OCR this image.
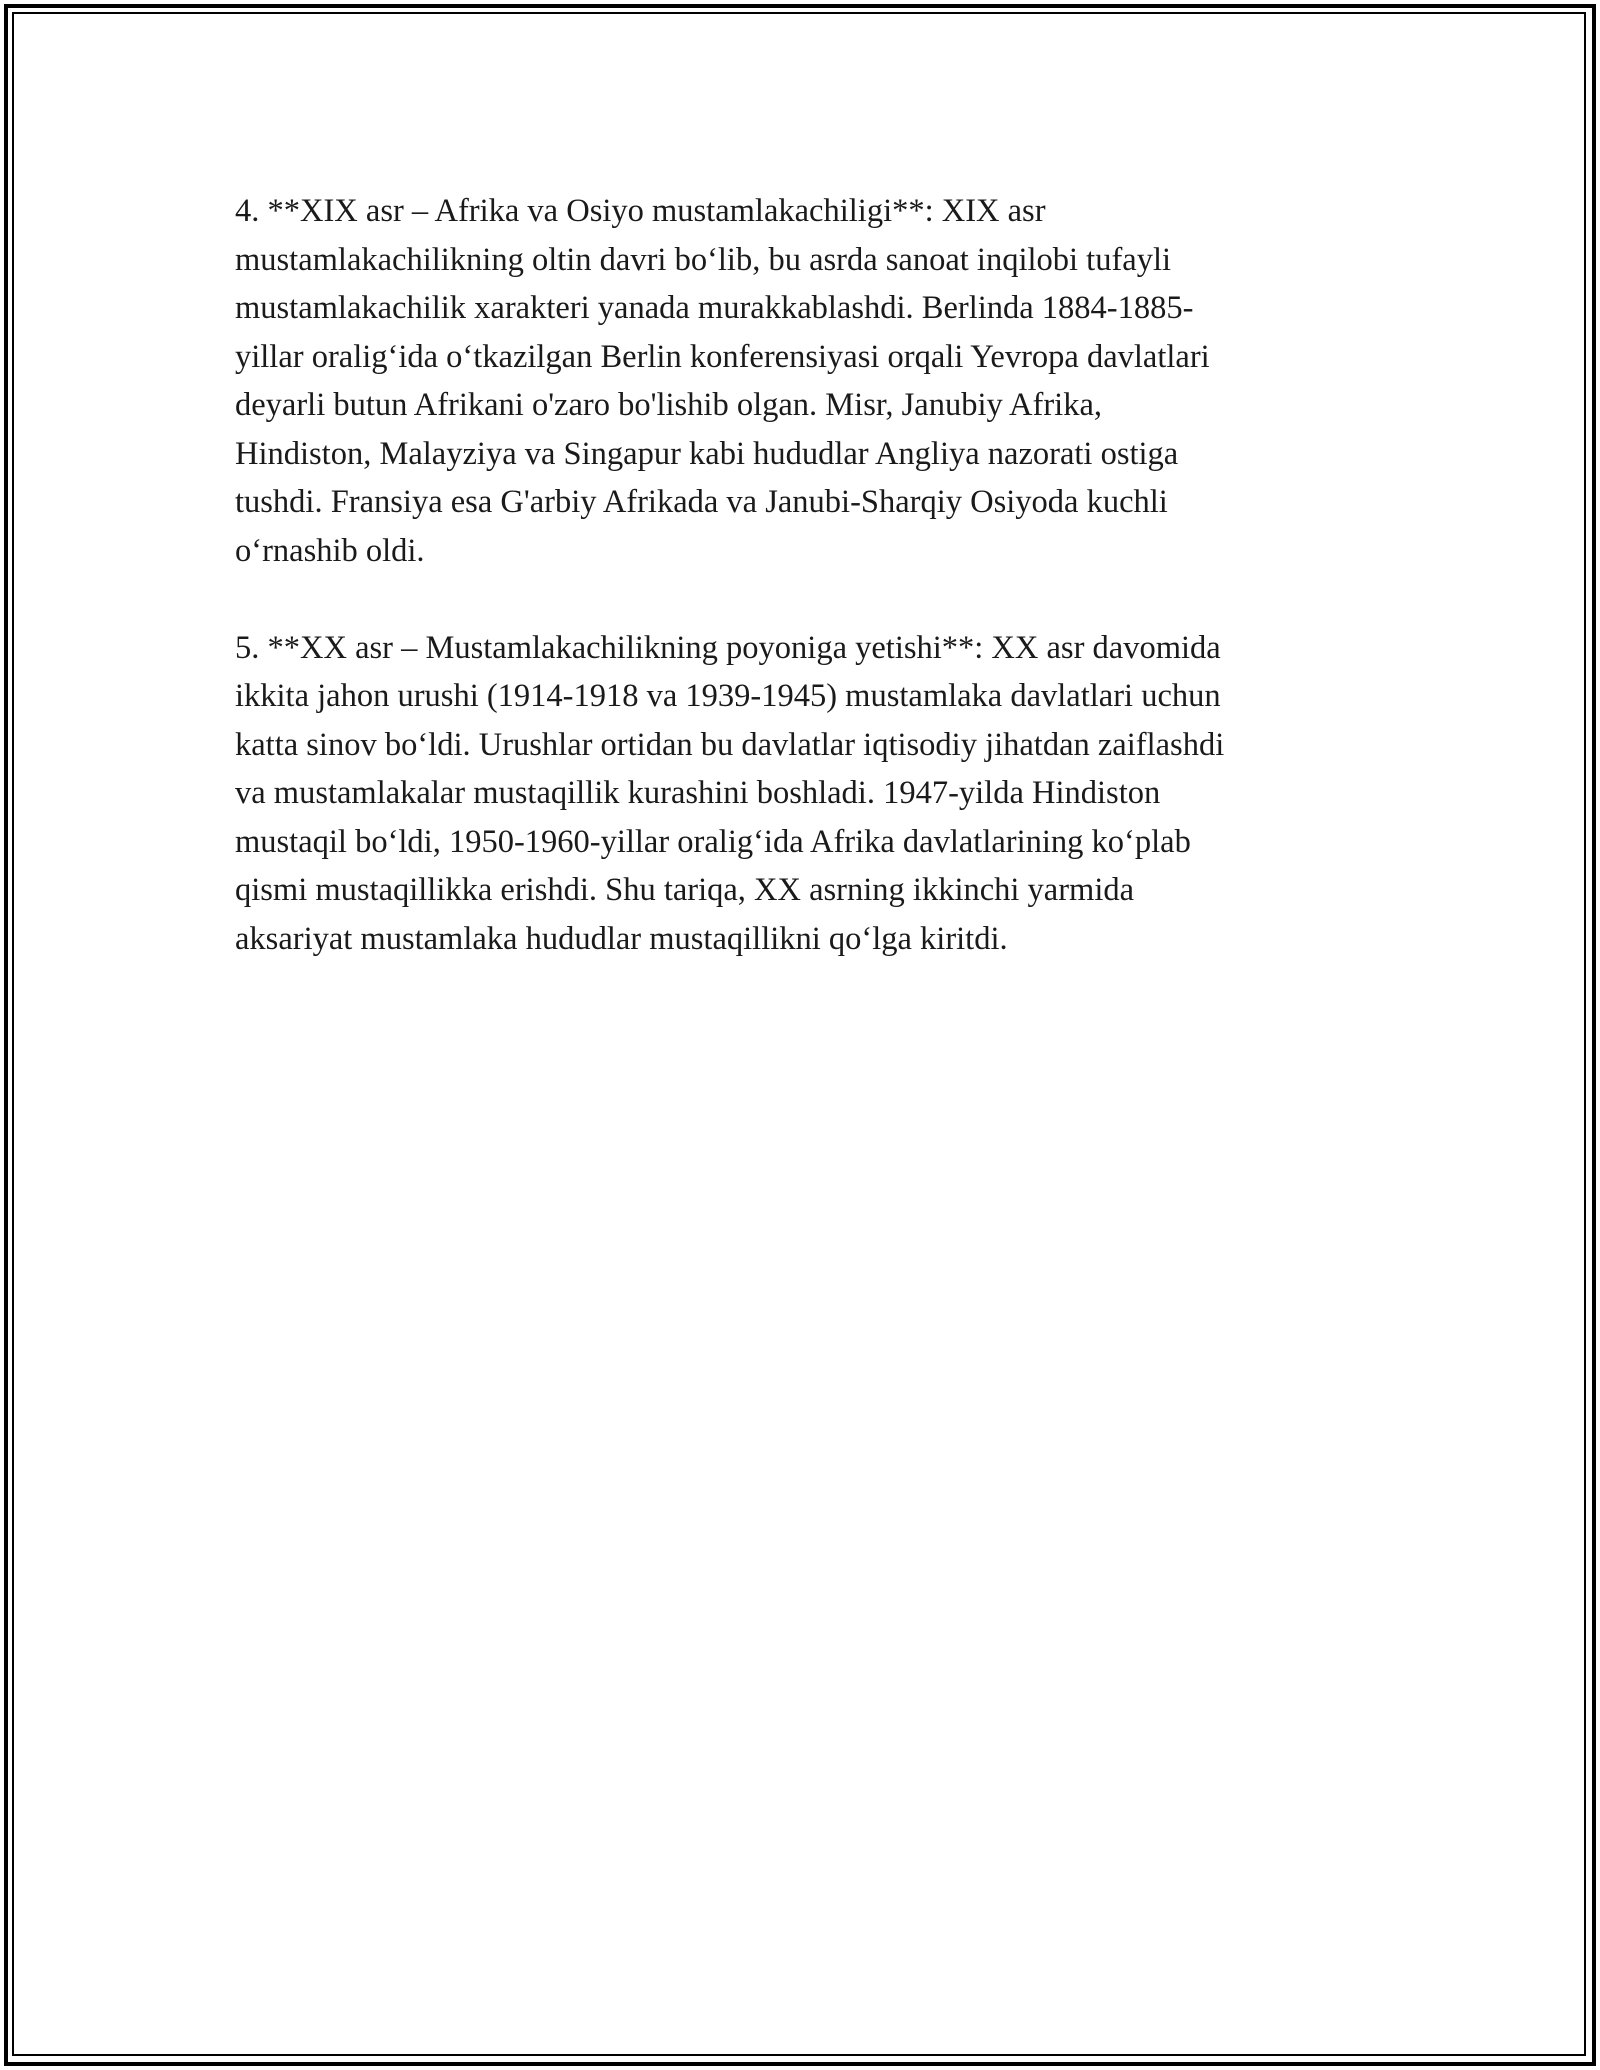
4. **XIX asr – Afrika va Osiyo mustamlakachiligi**: XIX asr
mustamlakachilikning oltin davri bo‘lib, bu asrda sanoat inqilobi tufayli
mustamlakachilik xarakteri yanada murakkablashdi. Berlinda 1884-1885-
yillar oralig‘ida o‘tkazilgan Berlin konferensiyasi orqali Yevropa davlatlari
deyarli butun Afrikani o'zaro bo'lishib olgan. Misr, Janubiy Afrika,
Hindiston, Malayziya va Singapur kabi hududlar Angliya nazorati ostiga
tushdi. Fransiya esa G'arbiy Afrikada va Janubi-Sharqiy Osiyoda kuchli
o‘rnashib oldi.

5. **XX asr – Mustamlakachilikning poyoniga yetishi**: XX asr davomida
ikkita jahon urushi (1914-1918 va 1939-1945) mustamlaka davlatlari uchun
katta sinov bo‘ldi. Urushlar ortidan bu davlatlar iqtisodiy jihatdan zaiflashdi
va mustamlakalar mustaqillik kurashini boshladi. 1947-yilda Hindiston
mustaqil bo‘ldi, 1950-1960-yillar oralig‘ida Afrika davlatlarining ko‘plab
qismi mustaqillikka erishdi. Shu tariqa, XX asrning ikkinchi yarmida
aksariyat mustamlaka hududlar mustaqillikni qo‘lga kiritdi.
